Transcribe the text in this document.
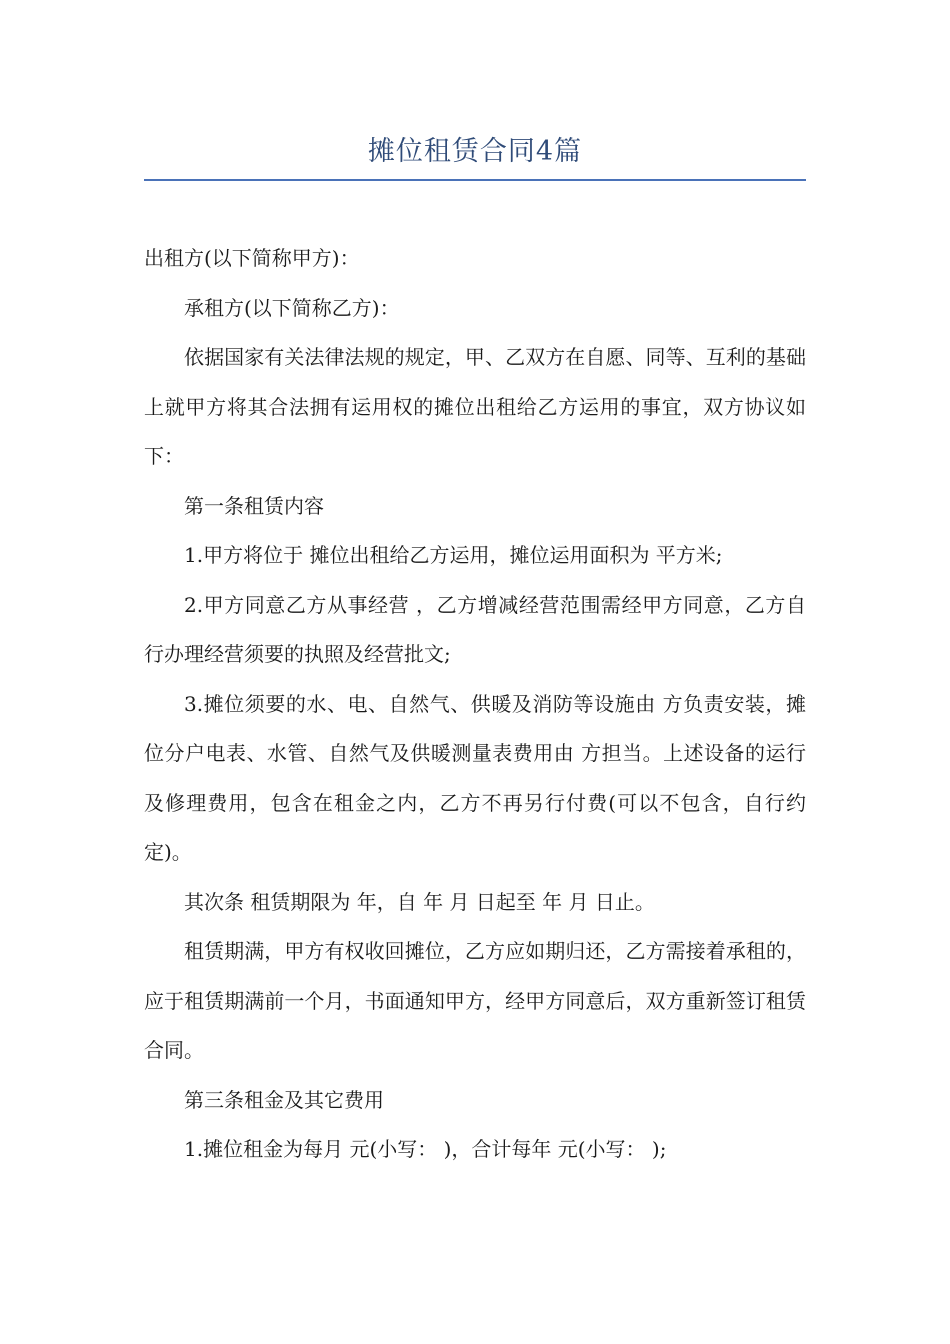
摊位租赁合同4篇

出租方(以下简称甲方)：

承租方(以下简称乙方)：

依据国家有关法律法规的规定，甲、乙双方在自愿、同等、互利的基础上就甲方将其合法拥有运用权的摊位出租给乙方运用的事宜，双方协议如下：

第一条租赁内容

1.甲方将位于 摊位出租给乙方运用，摊位运用面积为 平方米;

2.甲方同意乙方从事经营 ，乙方增减经营范围需经甲方同意，乙方自行办理经营须要的执照及经营批文;

3.摊位须要的水、电、自然气、供暖及消防等设施由 方负责安装，摊位分户电表、水管、自然气及供暖测量表费用由 方担当。上述设备的运行及修理费用，包含在租金之内，乙方不再另行付费(可以不包含，自行约定)。

其次条 租赁期限为 年，自 年 月 日起至 年 月 日止。

租赁期满，甲方有权收回摊位，乙方应如期归还，乙方需接着承租的，应于租赁期满前一个月，书面通知甲方，经甲方同意后，双方重新签订租赁合同。

第三条租金及其它费用

1.摊位租金为每月 元(小写： )，合计每年 元(小写： );
